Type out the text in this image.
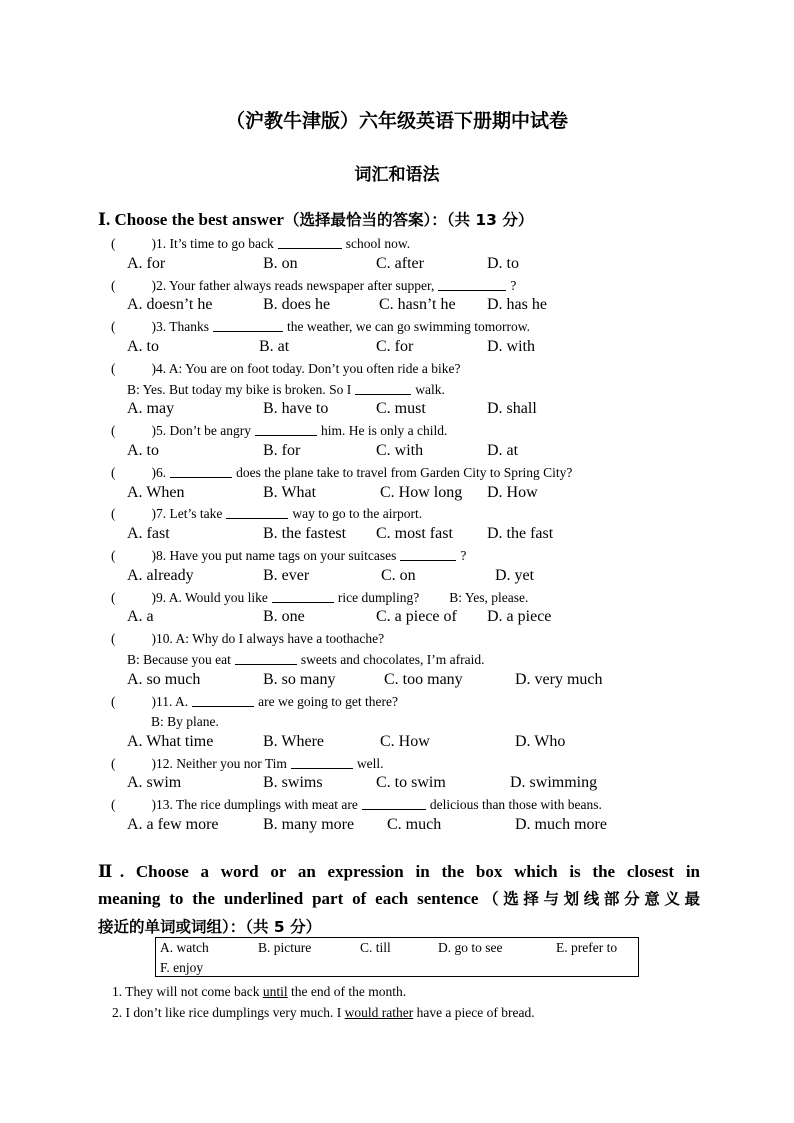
（沪教牛津版）六年级英语下册期中试卷
词汇和语法
Ⅰ. Choose the best answer（选择最恰当的答案）：（共 13 分）
(	)1. It’s time to go back	school now.
A. for	B. on	C. after	D. to
(	)2. Your father always reads newspaper after supper,	?
A. doesn’t he	B. does he	C. hasn’t he D. has he
(	)3. Thanks	the weather, we can go swimming tomorrow.
A. to	B. at	C. for	D. with
(	)4. A: You are on foot today. Don’t you often ride a bike?
B: Yes. But today my bike is broken. So I	walk.
A. may	B. have to	C. must	D. shall
(	)5. Don’t be angry	him. He is only a child.
A. to	B. for	C. with	D. at
(	)6.	does the plane take to travel from Garden City to Spring City?
A. When	B. What	C. How long D. How
(	)7. Let’s take	way to go to the airport.
A. fast	B. the fastest C. most fast D. the fast
(	)8. Have you put name tags on your suitcases	?
A. already	B. ever	C. on	D. yet
(	)9. A. Would you like	rice dumpling? B: Yes, please.
A. a	B. one	C. a piece of D. a piece
(	)10. A: Why do I always have a toothache?
B: Because you eat	sweets and chocolates, I’m afraid.
A. so much	B. so many	C. too many	D. very much
(	)11. A.	are we going to get there?
B: By plane.
A. What time	B. Where	C. How	D. Who
(	)12. Neither you nor Tim	well.
A. swim	B. swims	C. to swim	D. swimming
(	)13. The rice dumplings with meat are	delicious than those with beans.
A. a few more	B. many more C. much	D. much more
Ⅱ. Choose a word or an expression in the box which is the closest in
meaning to the underlined part of each sentence（选择与划线部分意义最
接近的单词或词组）：（共 5 分）
A. watch	B. picture	C. till	D. go to see	E. prefer to
F. enjoy
1. They will not come back until the end of the month.
2. I don’t like rice dumplings very much. I would rather have a piece of bread.
